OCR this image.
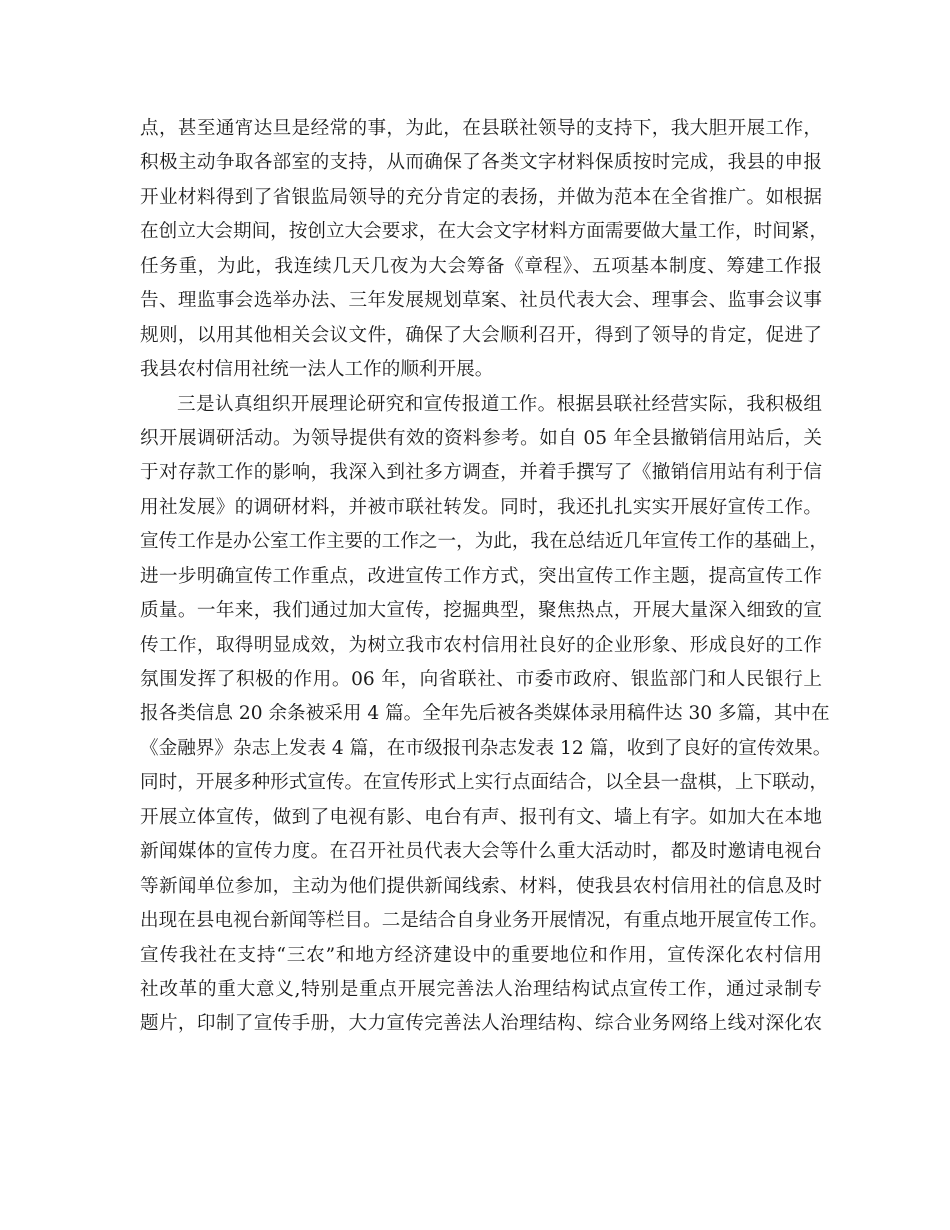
点，甚至通宵达旦是经常的事，为此，在县联社领导的支持下，我大胆开展工作，
积极主动争取各部室的支持，从而确保了各类文字材料保质按时完成，我县的申报
开业材料得到了省银监局领导的充分肯定的表扬，并做为范本在全省推广。如根据
在创立大会期间，按创立大会要求，在大会文字材料方面需要做大量工作，时间紧，
任务重，为此，我连续几天几夜为大会筹备《章程》、五项基本制度、筹建工作报
告、理监事会选举办法、三年发展规划草案、社员代表大会、理事会、监事会议事
规则，以用其他相关会议文件，确保了大会顺利召开，得到了领导的肯定，促进了
我县农村信用社统一法人工作的顺利开展。
三是认真组织开展理论研究和宣传报道工作。根据县联社经营实际，我积极组
织开展调研活动。为领导提供有效的资料参考。如自 05 年全县撤销信用站后，关
于对存款工作的影响，我深入到社多方调查，并着手撰写了《撤销信用站有利于信
用社发展》的调研材料，并被市联社转发。同时，我还扎扎实实开展好宣传工作。
宣传工作是办公室工作主要的工作之一，为此，我在总结近几年宣传工作的基础上，
进一步明确宣传工作重点，改进宣传工作方式，突出宣传工作主题，提高宣传工作
质量。一年来，我们通过加大宣传，挖掘典型，聚焦热点，开展大量深入细致的宣
传工作，取得明显成效，为树立我市农村信用社良好的企业形象、形成良好的工作
氛围发挥了积极的作用。06 年，向省联社、市委市政府、银监部门和人民银行上
报各类信息 20 余条被采用 4 篇。全年先后被各类媒体录用稿件达 30 多篇，其中在
《金融界》杂志上发表 4 篇，在市级报刊杂志发表 12 篇，收到了良好的宣传效果。
同时，开展多种形式宣传。在宣传形式上实行点面结合，以全县一盘棋，上下联动，
开展立体宣传，做到了电视有影、电台有声、报刊有文、墙上有字。如加大在本地
新闻媒体的宣传力度。在召开社员代表大会等什么重大活动时，都及时邀请电视台
等新闻单位参加，主动为他们提供新闻线索、材料，使我县农村信用社的信息及时
出现在县电视台新闻等栏目。二是结合自身业务开展情况，有重点地开展宣传工作。
宣传我社在支持“三农”和地方经济建设中的重要地位和作用，宣传深化农村信用
社改革的重大意义,特别是重点开展完善法人治理结构试点宣传工作，通过录制专
题片，印制了宣传手册，大力宣传完善法人治理结构、综合业务网络上线对深化农
